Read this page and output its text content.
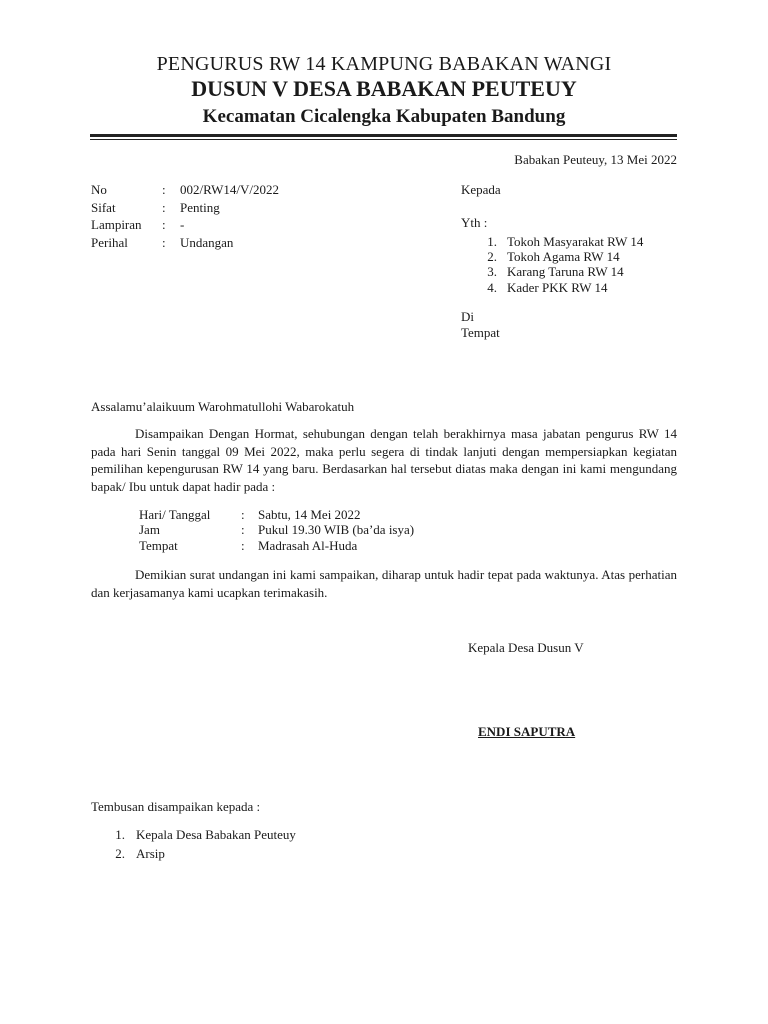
PENGURUS RW 14 KAMPUNG BABAKAN WANGI
DUSUN V DESA BABAKAN PEUTEUY
Kecamatan Cicalengka Kabupaten Bandung
Babakan Peuteuy, 13 Mei 2022
No	: 002/RW14/V/2022
Sifat	: Penting
Lampiran : -
Perihal	: Undangan
Kepada
Yth :
1. Tokoh Masyarakat RW 14
2. Tokoh Agama RW 14
3. Karang Taruna RW 14
4. Kader PKK RW 14
Di
Tempat
Assalamu’alaikuum Warohmatullohi Wabarokatuh
Disampaikan Dengan Hormat, sehubungan dengan telah berakhirnya masa jabatan pengurus RW 14 pada hari Senin tanggal 09 Mei 2022, maka perlu segera di tindak lanjuti dengan mempersiapkan kegiatan pemilihan kepengurusan RW 14 yang baru. Berdasarkan hal tersebut diatas maka dengan ini kami mengundang bapak/ Ibu untuk dapat hadir pada :
Hari/ Tanggal : Sabtu, 14 Mei 2022
Jam	: Pukul 19.30 WIB (ba’da isya)
Tempat	: Madrasah Al-Huda
Demikian surat undangan ini kami sampaikan, diharap untuk hadir tepat pada waktunya. Atas perhatian dan kerjasamanya kami ucapkan terimakasih.
Kepala Desa Dusun V
ENDI SAPUTRA
Tembusan disampaikan kepada :
1. Kepala Desa Babakan Peuteuy
2. Arsip
